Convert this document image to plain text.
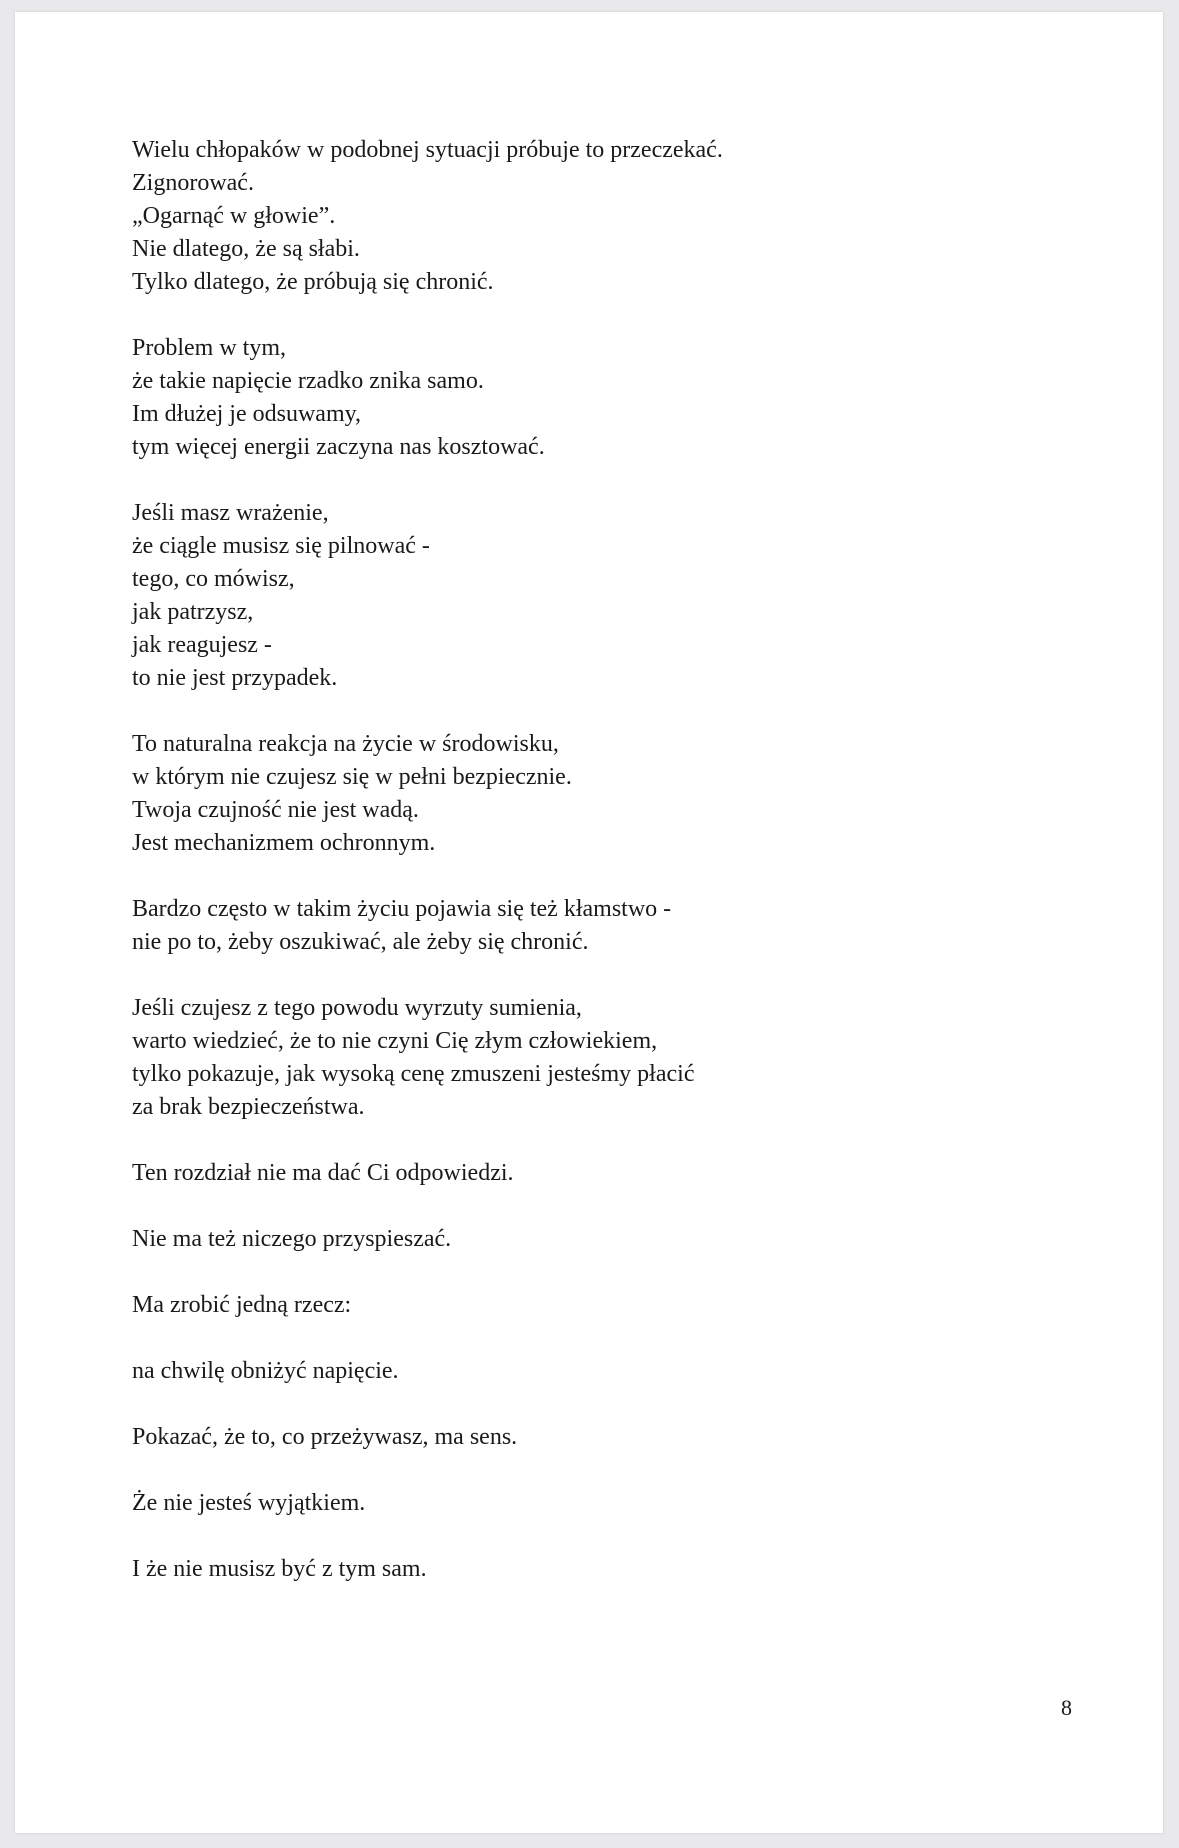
Wielu chłopaków w podobnej sytuacji próbuje to przeczekać.
Zignorować.
„Ogarnąć w głowie”.
Nie dlatego, że są słabi.
Tylko dlatego, że próbują się chronić.
Problem w tym,
że takie napięcie rzadko znika samo.
Im dłużej je odsuwamy,
tym więcej energii zaczyna nas kosztować.
Jeśli masz wrażenie,
że ciągle musisz się pilnować -
tego, co mówisz,
jak patrzysz,
jak reagujesz -
to nie jest przypadek.
To naturalna reakcja na życie w środowisku,
w którym nie czujesz się w pełni bezpiecznie.
Twoja czujność nie jest wadą.
Jest mechanizmem ochronnym.
Bardzo często w takim życiu pojawia się też kłamstwo -
nie po to, żeby oszukiwać, ale żeby się chronić.
Jeśli czujesz z tego powodu wyrzuty sumienia,
warto wiedzieć, że to nie czyni Cię złym człowiekiem,
tylko pokazuje, jak wysoką cenę zmuszeni jesteśmy płacić
za brak bezpieczeństwa.
Ten rozdział nie ma dać Ci odpowiedzi.
Nie ma też niczego przyspieszać.
Ma zrobić jedną rzecz:
na chwilę obniżyć napięcie.
Pokazać, że to, co przeżywasz, ma sens.
Że nie jesteś wyjątkiem.
I że nie musisz być z tym sam.
8
